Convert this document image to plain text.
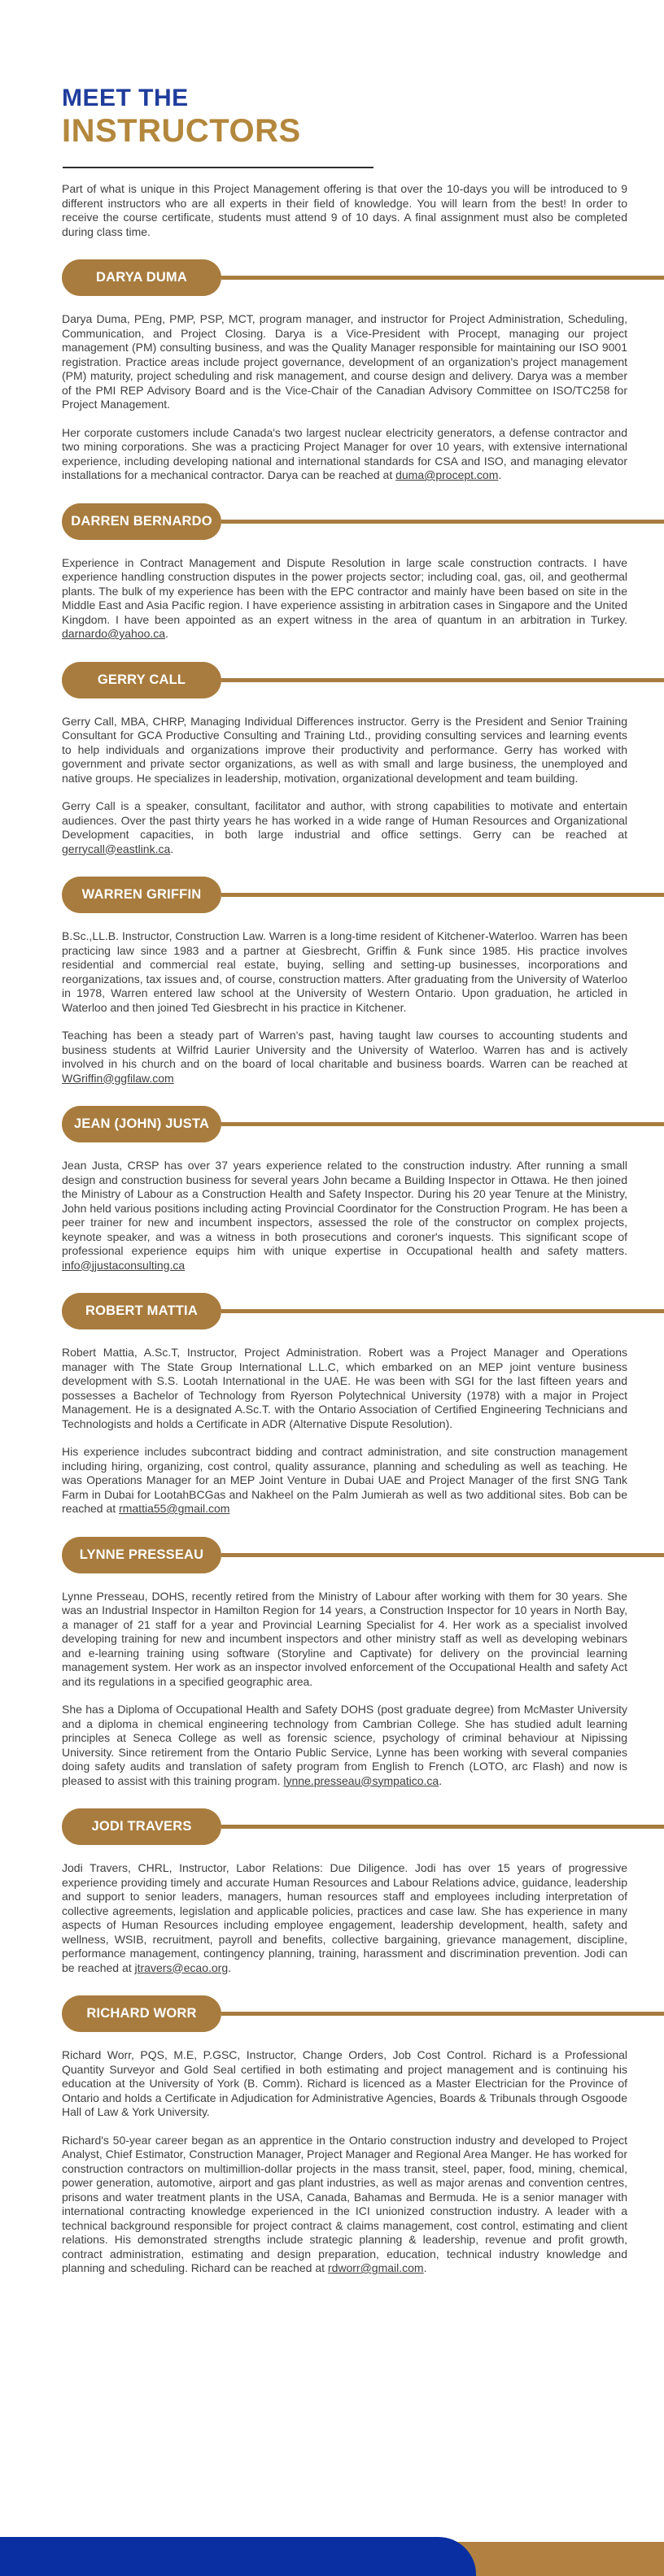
MEET THE
INSTRUCTORS

Part of what is unique in this Project Management offering is that over the 10-days you will be introduced to 9 different instructors who are all experts in their field of knowledge. You will learn from the best! In order to receive the course certificate, students must attend 9 of 10 days. A final assignment must also be completed during class time.

DARYA DUMA

Darya Duma, PEng, PMP, PSP, MCT, program manager, and instructor for Project Administration, Scheduling, Communication, and Project Closing. Darya is a Vice-President with Procept, managing our project management (PM) consulting business, and was the Quality Manager responsible for maintaining our ISO 9001 registration. Practice areas include project governance, development of an organization's project management (PM) maturity, project scheduling and risk management, and course design and delivery. Darya was a member of the PMI REP Advisory Board and is the Vice-Chair of the Canadian Advisory Committee on ISO/TC258 for Project Management.

Her corporate customers include Canada's two largest nuclear electricity generators, a defense contractor and two mining corporations. She was a practicing Project Manager for over 10 years, with extensive international experience, including developing national and international standards for CSA and ISO, and managing elevator installations for a mechanical contractor. Darya can be reached at duma@procept.com.

DARREN BERNARDO

Experience in Contract Management and Dispute Resolution in large scale construction contracts. I have experience handling construction disputes in the power projects sector; including coal, gas, oil, and geothermal plants. The bulk of my experience has been with the EPC contractor and mainly have been based on site in the Middle East and Asia Pacific region. I have experience assisting in arbitration cases in Singapore and the United Kingdom. I have been appointed as an expert witness in the area of quantum in an arbitration in Turkey. darnardo@yahoo.ca.

GERRY CALL

Gerry Call, MBA, CHRP, Managing Individual Differences instructor. Gerry is the President and Senior Training Consultant for GCA Productive Consulting and Training Ltd., providing consulting services and learning events to help individuals and organizations improve their productivity and performance. Gerry has worked with government and private sector organizations, as well as with small and large business, the unemployed and native groups. He specializes in leadership, motivation, organizational development and team building.

Gerry Call is a speaker, consultant, facilitator and author, with strong capabilities to motivate and entertain audiences. Over the past thirty years he has worked in a wide range of Human Resources and Organizational Development capacities, in both large industrial and office settings. Gerry can be reached at gerrycall@eastlink.ca.

WARREN GRIFFIN

B.Sc.,LL.B. Instructor, Construction Law. Warren is a long-time resident of Kitchener-Waterloo. Warren has been practicing law since 1983 and a partner at Giesbrecht, Griffin & Funk since 1985. His practice involves residential and commercial real estate, buying, selling and setting-up businesses, incorporations and reorganizations, tax issues and, of course, construction matters. After graduating from the University of Waterloo in 1978, Warren entered law school at the University of Western Ontario. Upon graduation, he articled in Waterloo and then joined Ted Giesbrecht in his practice in Kitchener.

Teaching has been a steady part of Warren's past, having taught law courses to accounting students and business students at Wilfrid Laurier University and the University of Waterloo. Warren has and is actively involved in his church and on the board of local charitable and business boards. Warren can be reached at WGriffin@ggfilaw.com

JEAN (JOHN) JUSTA

Jean Justa, CRSP has over 37 years experience related to the construction industry. After running a small design and construction business for several years John became a Building Inspector in Ottawa. He then joined the Ministry of Labour as a Construction Health and Safety Inspector. During his 20 year Tenure at the Ministry, John held various positions including acting Provincial Coordinator for the Construction Program. He has been a peer trainer for new and incumbent inspectors, assessed the role of the constructor on complex projects, keynote speaker, and was a witness in both prosecutions and coroner's inquests. This significant scope of professional experience equips him with unique expertise in Occupational health and safety matters. info@jjustaconsulting.ca

ROBERT MATTIA

Robert Mattia, A.Sc.T, Instructor, Project Administration. Robert was a Project Manager and Operations manager with The State Group International L.L.C, which embarked on an MEP joint venture business development with S.S. Lootah International in the UAE. He was been with SGI for the last fifteen years and possesses a Bachelor of Technology from Ryerson Polytechnical University (1978) with a major in Project Management. He is a designated A.Sc.T. with the Ontario Association of Certified Engineering Technicians and Technologists and holds a Certificate in ADR (Alternative Dispute Resolution).

His experience includes subcontract bidding and contract administration, and site construction management including hiring, organizing, cost control, quality assurance, planning and scheduling as well as teaching. He was Operations Manager for an MEP Joint Venture in Dubai UAE and Project Manager of the first SNG Tank Farm in Dubai for LootahBCGas and Nakheel on the Palm Jumierah as well as two additional sites. Bob can be reached at rmattia55@gmail.com

LYNNE PRESSEAU

Lynne Presseau, DOHS, recently retired from the Ministry of Labour after working with them for 30 years. She was an Industrial Inspector in Hamilton Region for 14 years, a Construction Inspector for 10 years in North Bay, a manager of 21 staff for a year and Provincial Learning Specialist for 4. Her work as a specialist involved developing training for new and incumbent inspectors and other ministry staff as well as developing webinars and e-learning training using software (Storyline and Captivate) for delivery on the provincial learning management system. Her work as an inspector involved enforcement of the Occupational Health and safety Act and its regulations in a specified geographic area.

She has a Diploma of Occupational Health and Safety DOHS (post graduate degree) from McMaster University and a diploma in chemical engineering technology from Cambrian College. She has studied adult learning principles at Seneca College as well as forensic science, psychology of criminal behaviour at Nipissing University. Since retirement from the Ontario Public Service, Lynne has been working with several companies doing safety audits and translation of safety program from English to French (LOTO, arc Flash) and now is pleased to assist with this training program. lynne.presseau@sympatico.ca.

JODI TRAVERS

Jodi Travers, CHRL, Instructor, Labor Relations: Due Diligence. Jodi has over 15 years of progressive experience providing timely and accurate Human Resources and Labour Relations advice, guidance, leadership and support to senior leaders, managers, human resources staff and employees including interpretation of collective agreements, legislation and applicable policies, practices and case law. She has experience in many aspects of Human Resources including employee engagement, leadership development, health, safety and wellness, WSIB, recruitment, payroll and benefits, collective bargaining, grievance management, discipline, performance management, contingency planning, training, harassment and discrimination prevention. Jodi can be reached at jtravers@ecao.org.

RICHARD WORR

Richard Worr, PQS, M.E, P.GSC, Instructor, Change Orders, Job Cost Control. Richard is a Professional Quantity Surveyor and Gold Seal certified in both estimating and project management and is continuing his education at the University of York (B. Comm). Richard is licenced as a Master Electrician for the Province of Ontario and holds a Certificate in Adjudication for Administrative Agencies, Boards & Tribunals through Osgoode Hall of Law & York University.

Richard's 50-year career began as an apprentice in the Ontario construction industry and developed to Project Analyst, Chief Estimator, Construction Manager, Project Manager and Regional Area Manger. He has worked for construction contractors on multimillion-dollar projects in the mass transit, steel, paper, food, mining, chemical, power generation, automotive, airport and gas plant industries, as well as major arenas and convention centres, prisons and water treatment plants in the USA, Canada, Bahamas and Bermuda. He is a senior manager with international contracting knowledge experienced in the ICI unionized construction industry. A leader with a technical background responsible for project contract & claims management, cost control, estimating and client relations. His demonstrated strengths include strategic planning & leadership, revenue and profit growth, contract administration, estimating and design preparation, education, technical industry knowledge and planning and scheduling. Richard can be reached at rdworr@gmail.com.
